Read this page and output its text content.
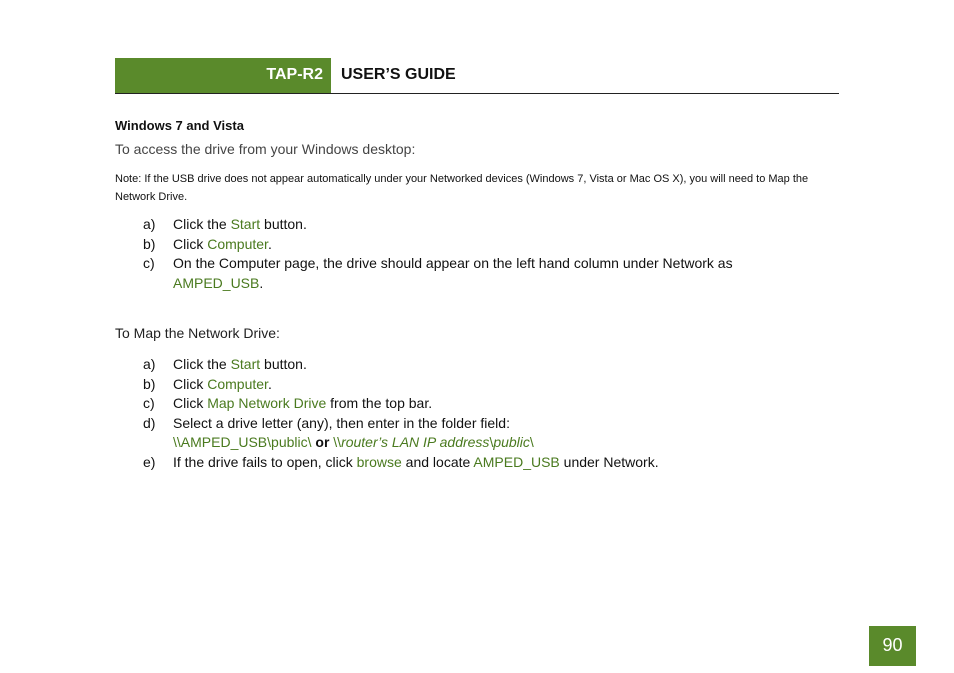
TAP-R2 USER’S GUIDE
Windows 7 and Vista
To access the drive from your Windows desktop:
Note: If the USB drive does not appear automatically under your Networked devices (Windows 7, Vista or Mac OS X), you will need to Map the Network Drive.
a) Click the Start button.
b) Click Computer.
c) On the Computer page, the drive should appear on the left hand column under Network as
AMPED_USB.
To Map the Network Drive:
a) Click the Start button.
b) Click Computer.
c) Click Map Network Drive from the top bar.
d) Select a drive letter (any), then enter in the folder field:
\\AMPED_USB\public\ or \\router’s LAN IP address\public\
e) If the drive fails to open, click browse and locate AMPED_USB under Network.
90
